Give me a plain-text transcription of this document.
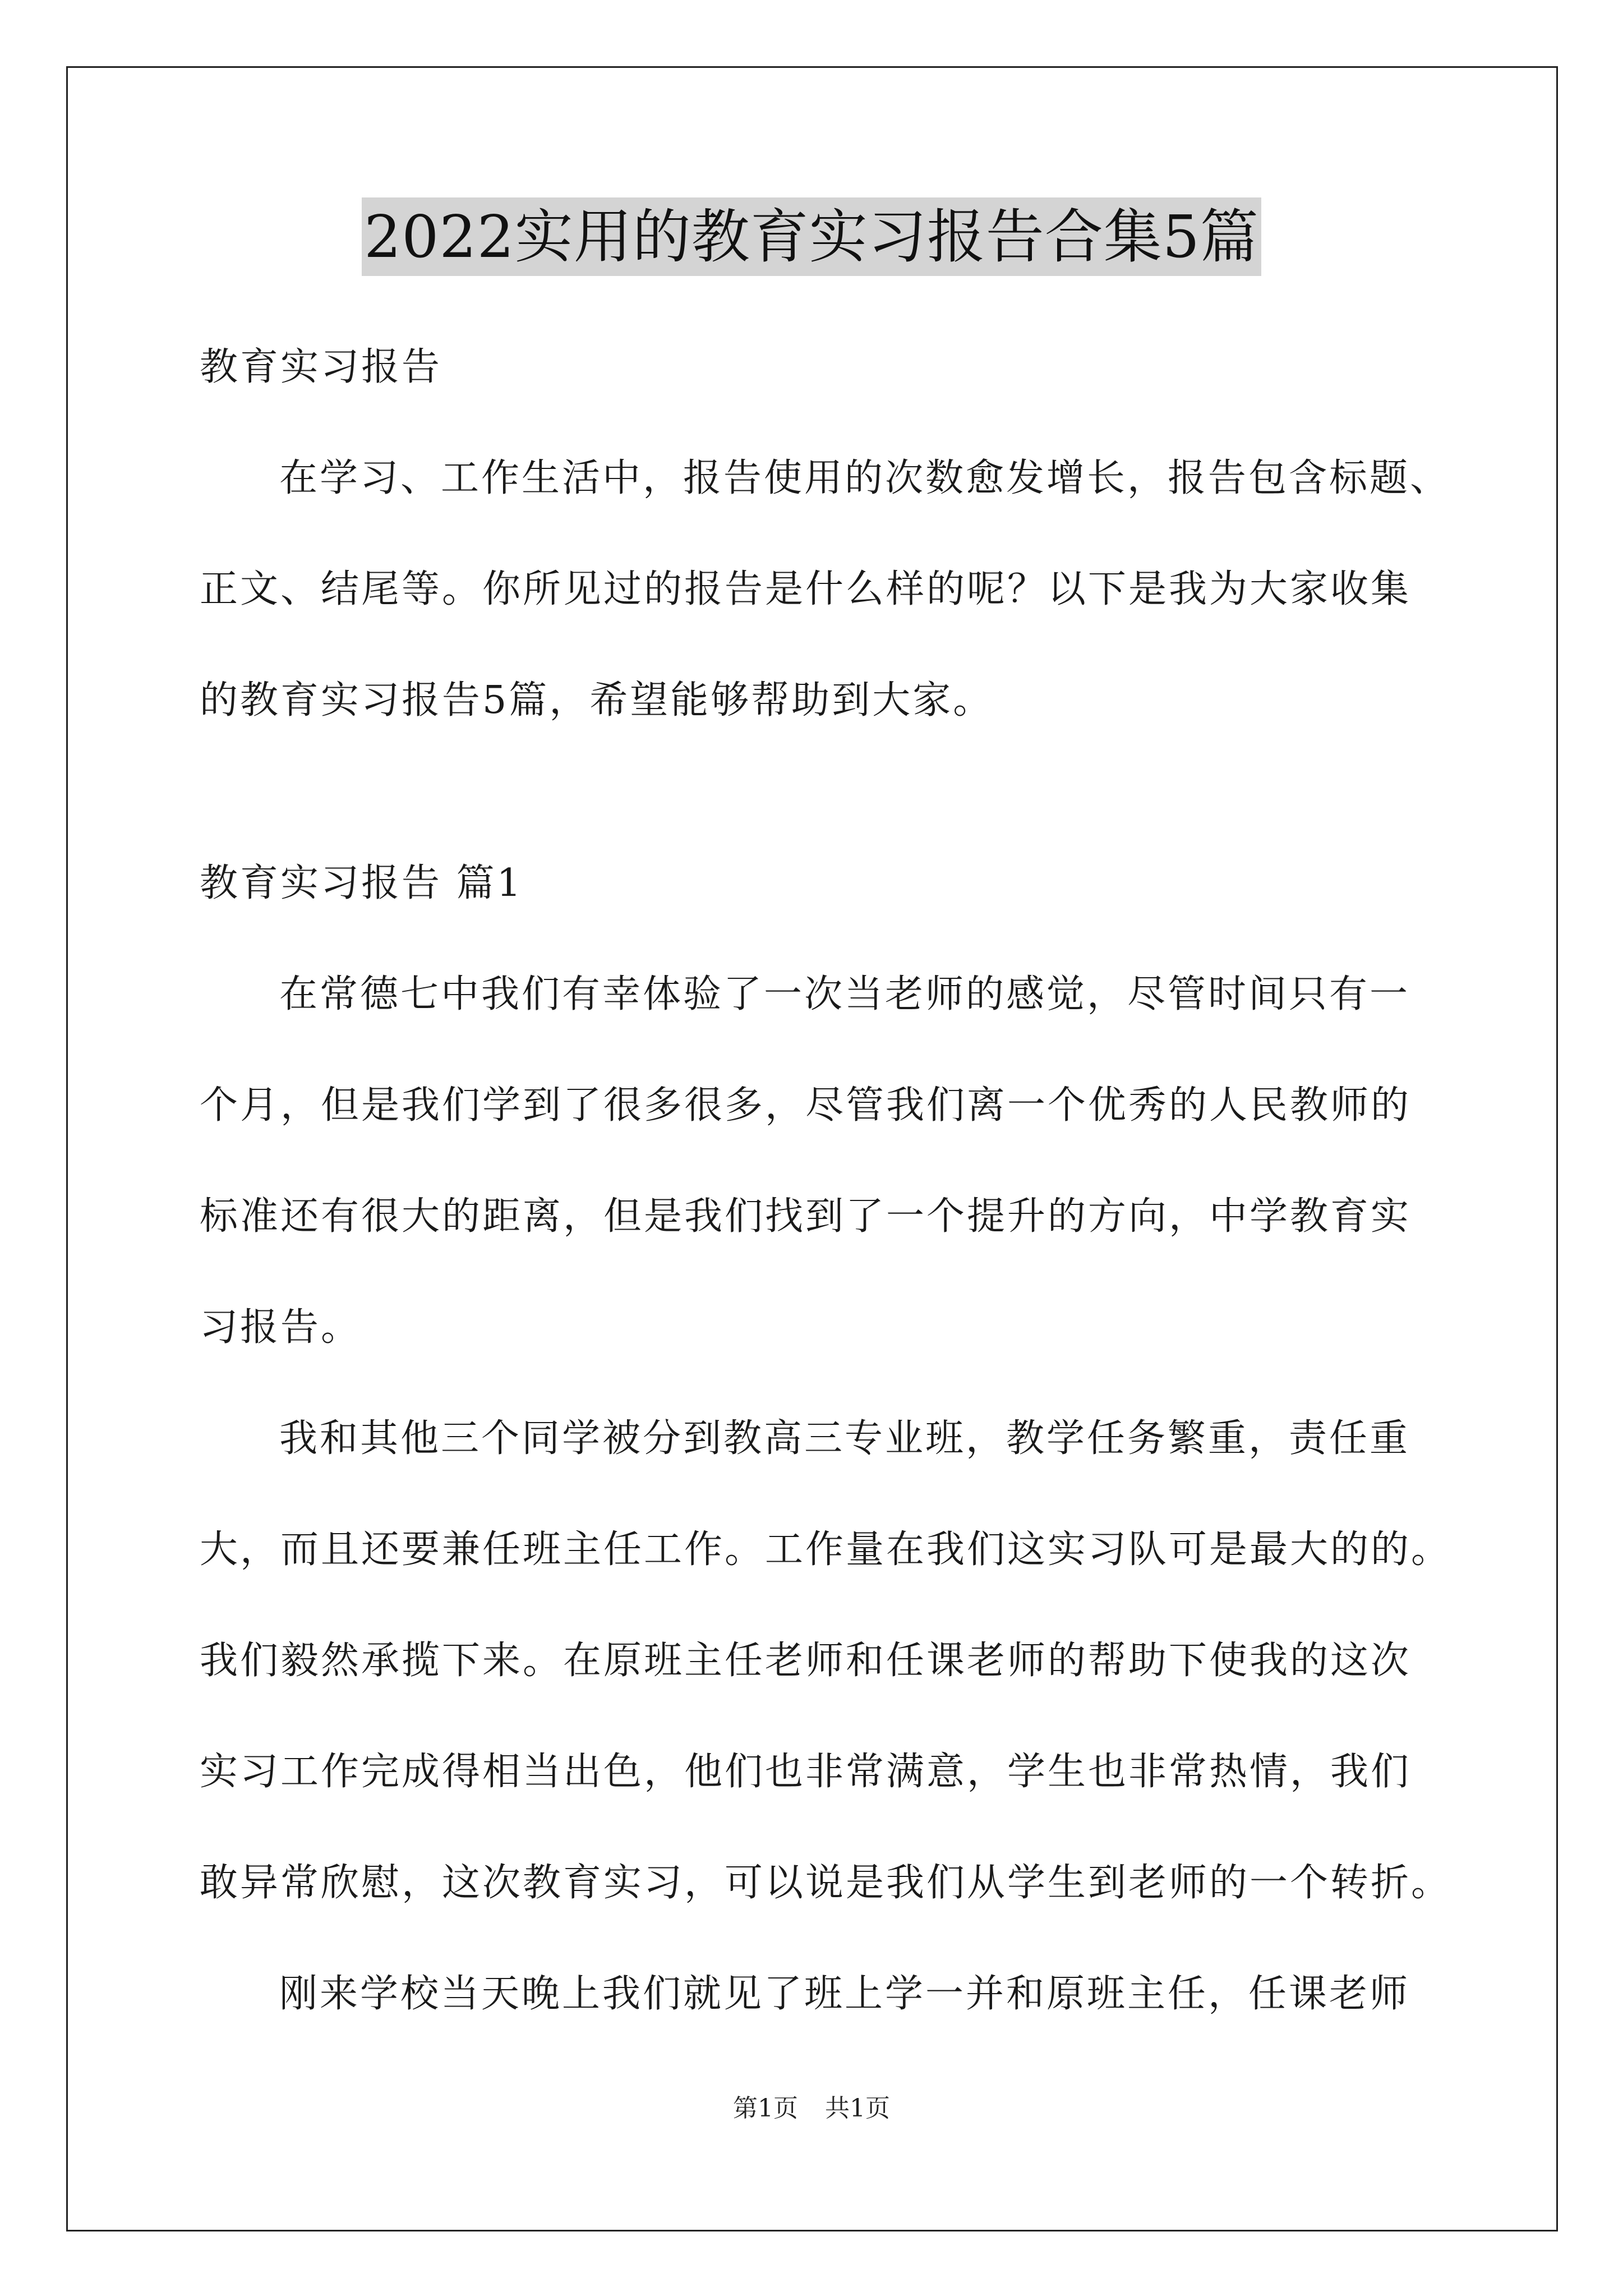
2022实用的教育实习报告合集5篇
教育实习报告
在学习、工作生活中，报告使用的次数愈发增长，报告包含标题、
正文、结尾等。你所见过的报告是什么样的呢？以下是我为大家收集
的教育实习报告5篇，希望能够帮助到大家。
教育实习报告 篇1
在常德七中我们有幸体验了一次当老师的感觉，尽管时间只有一
个月，但是我们学到了很多很多，尽管我们离一个优秀的人民教师的
标准还有很大的距离，但是我们找到了一个提升的方向，中学教育实
习报告。
我和其他三个同学被分到教高三专业班，教学任务繁重，责任重
大，而且还要兼任班主任工作。工作量在我们这实习队可是最大的的。
我们毅然承揽下来。在原班主任老师和任课老师的帮助下使我的这次
实习工作完成得相当出色，他们也非常满意，学生也非常热情，我们
敢异常欣慰，这次教育实习，可以说是我们从学生到老师的一个转折。
刚来学校当天晚上我们就见了班上学一并和原班主任，任课老师
第1页 共1页
